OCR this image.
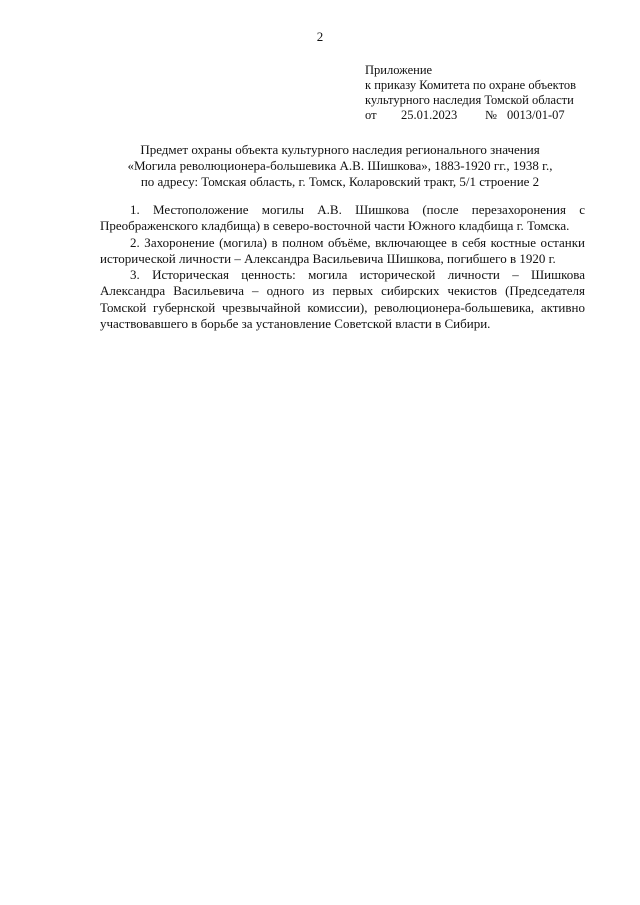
2
Приложение
к приказу Комитета по охране объектов
культурного наследия Томской области
от 25.01.2023 № 0013/01-07
Предмет охраны объекта культурного наследия регионального значения
«Могила революционера-большевика А.В. Шишкова», 1883-1920 гг., 1938 г.,
по адресу: Томская область, г. Томск, Коларовский тракт, 5/1 строение 2

1. Местоположение могилы А.В. Шишкова (после перезахоронения с Преображенского кладбища) в северо-восточной части Южного кладбища г. Томска.

2. Захоронение (могила) в полном объёме, включающее в себя костные останки исторической личности – Александра Васильевича Шишкова, погибшего в 1920 г.

3. Историческая ценность: могила исторической личности – Шишкова Александра Васильевича – одного из первых сибирских чекистов (Председателя Томской губернской чрезвычайной комиссии), революционера-большевика, активно участвовавшего в борьбе за установление Советской власти в Сибири.
